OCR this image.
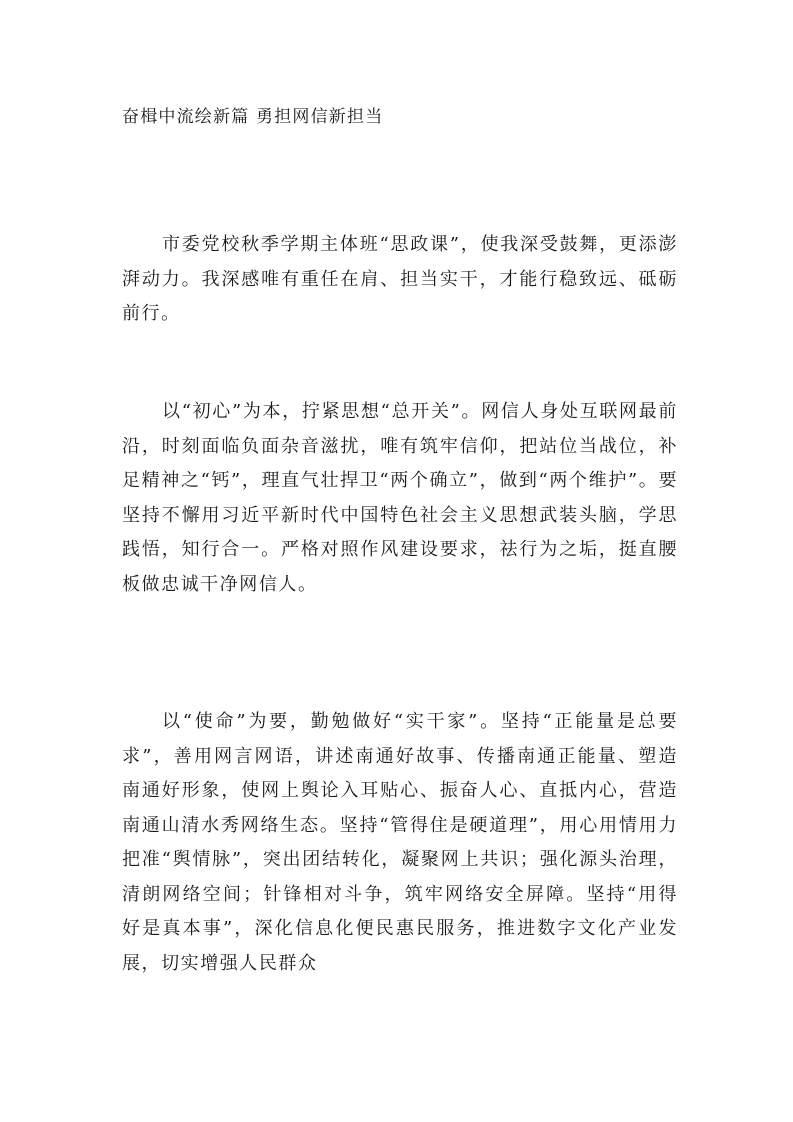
奋楫中流绘新篇 勇担网信新担当

市委党校秋季学期主体班“思政课”，使我深受鼓舞，更添澎湃动力。我深感唯有重任在肩、担当实干，才能行稳致远、砥砺前行。

以“初心”为本，拧紧思想“总开关”。网信人身处互联网最前沿，时刻面临负面杂音滋扰，唯有筑牢信仰，把站位当战位，补足精神之“钙”，理直气壮捍卫“两个确立”，做到“两个维护”。要坚持不懈用习近平新时代中国特色社会主义思想武装头脑，学思践悟，知行合一。严格对照作风建设要求，祛行为之垢，挺直腰板做忠诚干净网信人。

以“使命”为要，勤勉做好“实干家”。坚持“正能量是总要求”，善用网言网语，讲述南通好故事、传播南通正能量、塑造南通好形象，使网上舆论入耳贴心、振奋人心、直抵内心，营造南通山清水秀网络生态。坚持“管得住是硬道理”，用心用情用力把准“舆情脉”，突出团结转化，凝聚网上共识；强化源头治理，清朗网络空间；针锋相对斗争，筑牢网络安全屏障。坚持“用得好是真本事”，深化信息化便民惠民服务，推进数字文化产业发展，切实增强人民群众
